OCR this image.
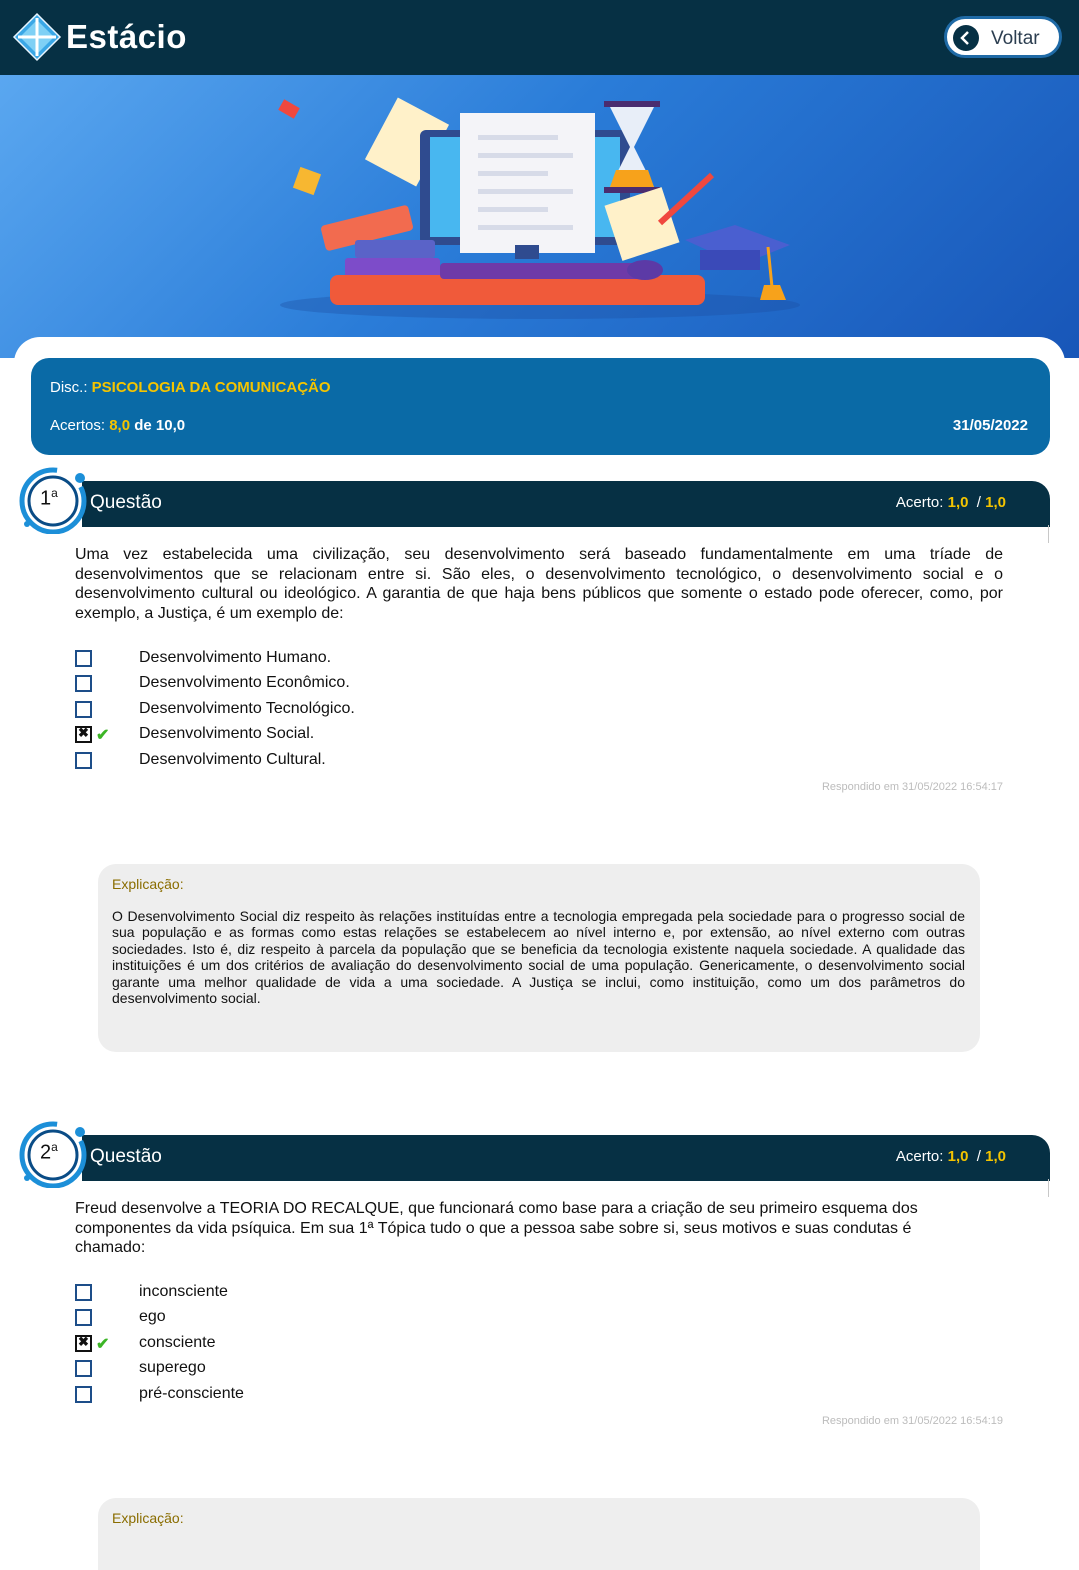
Estácio	Voltar
Disc.: PSICOLOGIA DA COMUNICAÇÃO
Acertos: 8,0 de 10,0	31/05/2022
Questão	Acerto: 1,0  / 1,0
1$^a$
Uma vez estabelecida uma civilização, seu desenvolvimento será baseado fundamentalmente em uma tríade de desenvolvimentos que se relacionam entre si. São eles, o desenvolvimento tecnológico, o desenvolvimento social e o desenvolvimento cultural ou ideológico. A garantia de que haja bens públicos que somente o estado pode oferecer, como, por exemplo, a Justiça, é um exemplo de:
Desenvolvimento Humano.
Desenvolvimento Econômico.
Desenvolvimento Tecnológico.
✖
✔ Desenvolvimento Social.
Desenvolvimento Cultural.
Respondido em 31/05/2022 16:54:17
Explicação:
O Desenvolvimento Social diz respeito às relações instituídas entre a tecnologia empregada pela sociedade para o progresso social de sua população e as formas como estas relações se estabelecem ao nível interno e, por extensão, ao nível externo com outras sociedades. Isto é, diz respeito à parcela da população que se beneficia da tecnologia existente naquela sociedade. A qualidade das instituições é um dos critérios de avaliação do desenvolvimento social de uma população. Genericamente, o desenvolvimento social garante uma melhor qualidade de vida a uma sociedade. A Justiça se inclui, como instituição, como um dos parâmetros do desenvolvimento social.
Questão	Acerto: 1,0  / 1,0
2$^a$
Freud desenvolve a TEORIA DO RECALQUE, que funcionará como base para a criação de seu primeiro esquema dos componentes da vida psíquica. Em sua 1ª Tópica tudo o que a pessoa sabe sobre si, seus motivos e suas condutas é chamado:
inconsciente
ego
✖
✔ consciente
superego
pré-consciente
Respondido em 31/05/2022 16:54:19
Explicação:
